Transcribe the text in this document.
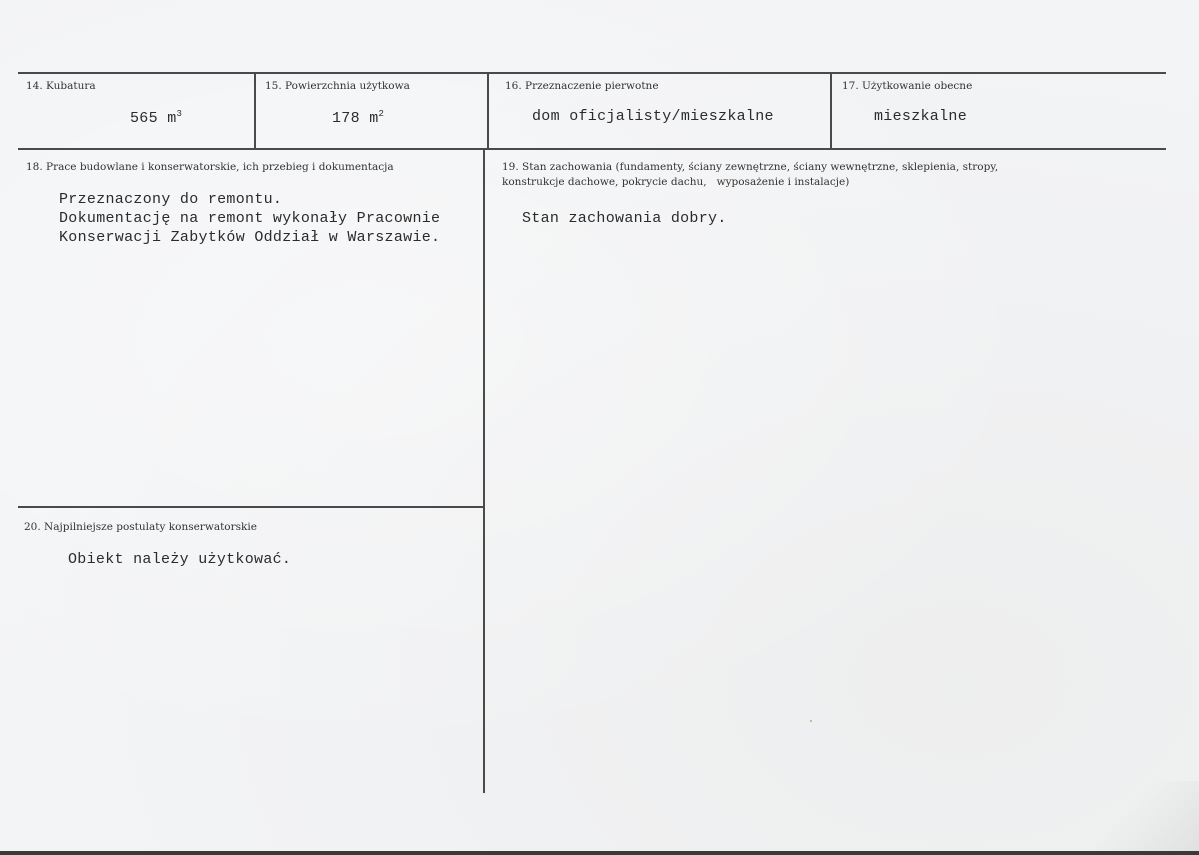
14. Kubatura
565 $m^3$
15. Powierzchnia użytkowa
178 $m^2$
16. Przeznaczenie pierwotne
dom oficjalisty/mieszkalne
17. Użytkowanie obecne
mieszkalne
18. Prace budowlane i konserwatorskie, ich przebieg i dokumentacja
Przeznaczony do remontu.
Dokumentację na remont wykonały Pracownie
Konserwacji Zabytków Oddział w Warszawie.
19. Stan zachowania (fundamenty, ściany zewnętrzne, ściany wewnętrzne, sklepienia, stropy,
konstrukcje dachowe, pokrycie dachu,   wyposażenie i instalacje)
Stan zachowania dobry.
20. Najpilniejsze postulaty konserwatorskie
Obiekt należy użytkować.
